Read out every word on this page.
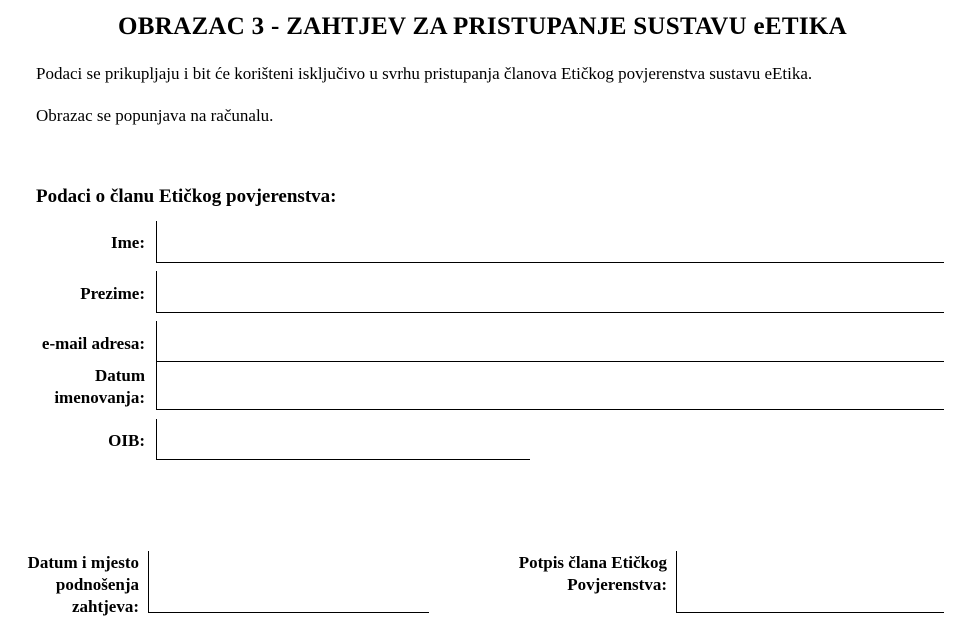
OBRAZAC 3 - ZAHTJEV ZA PRISTUPANJE SUSTAVU eETIKA
Podaci se prikupljaju i bit će korišteni isključivo u svrhu pristupanja članova Etičkog povjerenstva sustavu eEtika.
Obrazac se popunjava na računalu.
Podaci o članu Etičkog povjerenstva:
Ime:
Prezime:
e-mail adresa:
Datum
imenovanja:
OIB:
Datum i mjesto
podnošenja
zahtjeva:
Potpis člana Etičkog
Povjerenstva:
